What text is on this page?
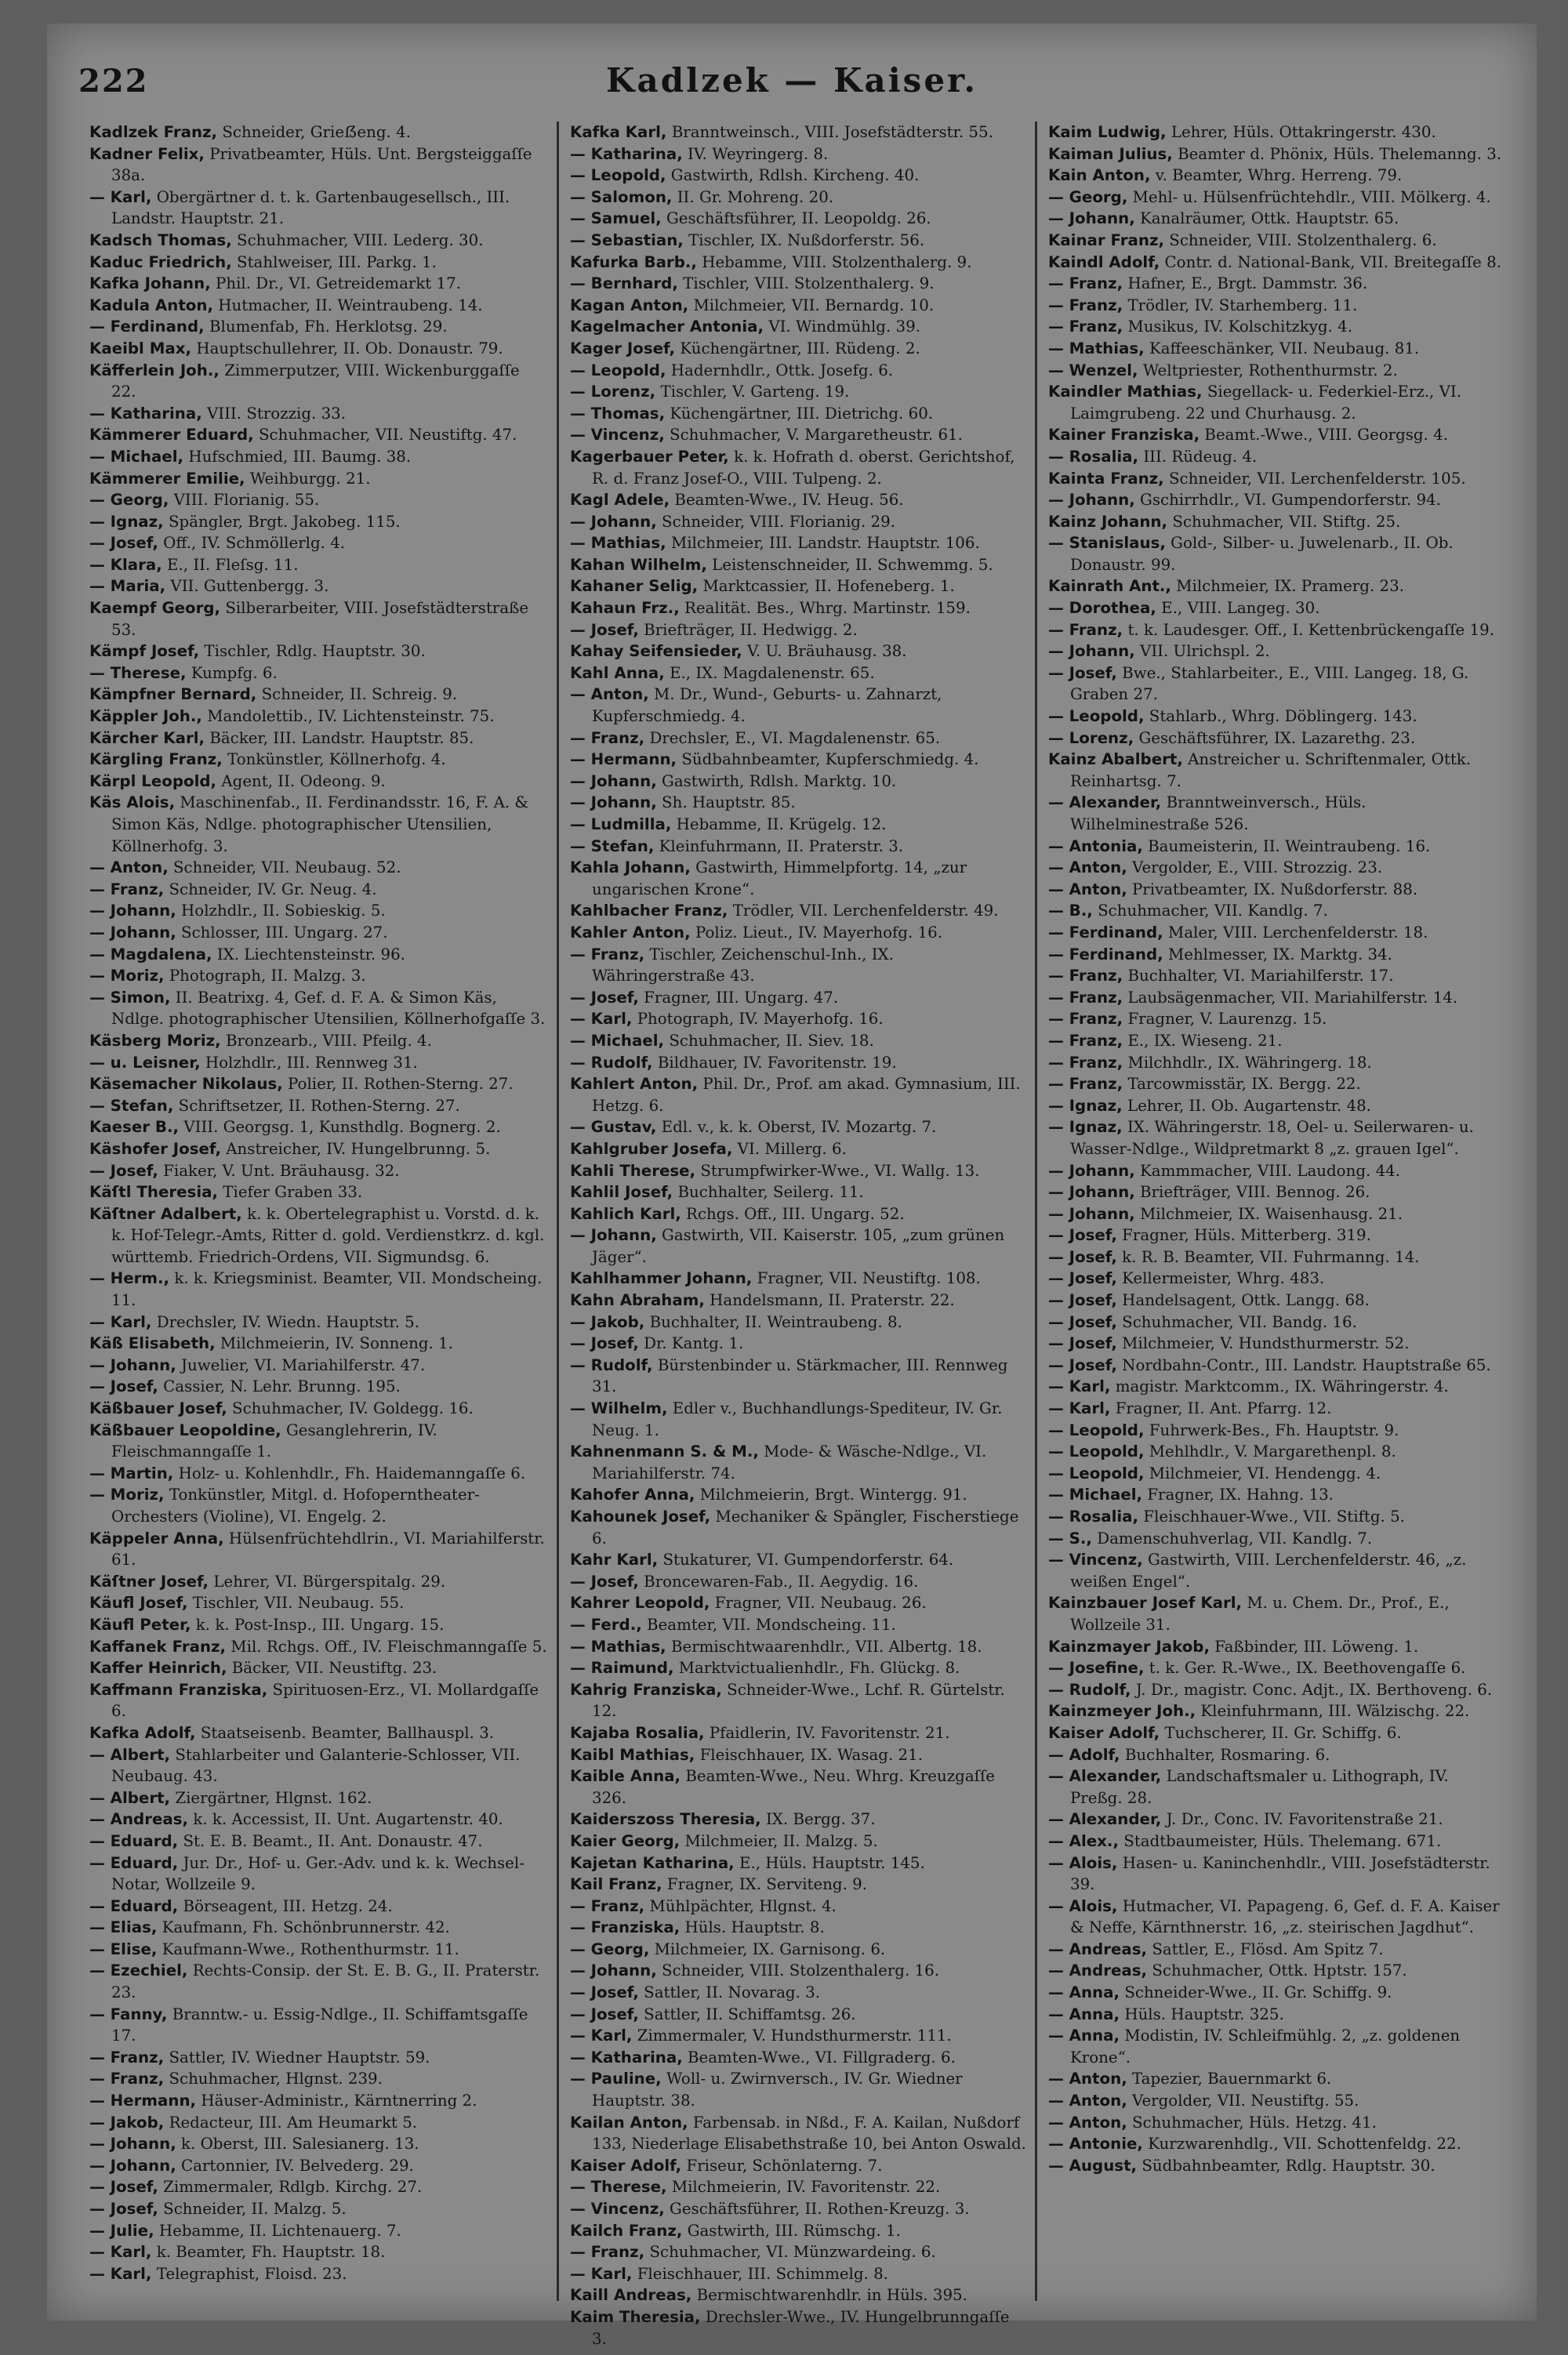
222	Kadlzek — Kaiser.

Kadlzek Franz, Schneider, Grieẞeng. 4.

Kadner Felix, Privatbeamter, Hüls. Unt. Bergsteiggaſſe 38a.

— Karl, Obergärtner d. t. k. Gartenbaugesellsch., III. Landstr. Hauptstr. 21.

Kadsch Thomas, Schuhmacher, VIII. Lederg. 30.

Kaduc Friedrich, Stahlweiser, III. Parkg. 1.

Kafka Johann, Phil. Dr., VI. Getreidemarkt 17.

Kadula Anton, Hutmacher, II. Weintraubeng. 14.

— Ferdinand, Blumenfab, Fh. Herklotsg. 29.

Kaeibl Max, Hauptschullehrer, II. Ob. Donaustr. 79.

Käfferlein Joh., Zimmerputzer, VIII. Wickenburggaſſe 22.

— Katharina, VIII. Strozzig. 33.

Kämmerer Eduard, Schuhmacher, VII. Neustiftg. 47.

— Michael, Hufschmied, III. Baumg. 38.

Kämmerer Emilie, Weihburgg. 21.

— Georg, VIII. Florianig. 55.

— Ignaz, Spängler, Brgt. Jakobeg. 115.

— Josef, Off., IV. Schmöllerlg. 4.

— Klara, E., II. Fleſsg. 11.

— Maria, VII. Guttenbergg. 3.

Kaempf Georg, Silberarbeiter, VIII. Josefstädterstraße 53.

Kämpf Josef, Tischler, Rdlg. Hauptstr. 30.

— Therese, Kumpfg. 6.

Kämpfner Bernard, Schneider, II. Schreig. 9.

Käppler Joh., Mandolettib., IV. Lichtensteinstr. 75.

Kärcher Karl, Bäcker, III. Landstr. Hauptstr. 85.

Kärgling Franz, Tonkünstler, Köllnerhofg. 4.

Kärpl Leopold, Agent, II. Odeong. 9.

Käs Alois, Maschinenfab., II. Ferdinandsstr. 16, F. A. & Simon Käs, Ndlge. photographischer Utensilien, Köllnerhofg. 3.

— Anton, Schneider, VII. Neubaug. 52.

— Franz, Schneider, IV. Gr. Neug. 4.

— Johann, Holzhdlr., II. Sobieskig. 5.

— Johann, Schlosser, III. Ungarg. 27.

— Magdalena, IX. Liechtensteinstr. 96.

— Moriz, Photograph, II. Malzg. 3.

— Simon, II. Beatrixg. 4, Gef. d. F. A. & Simon Käs, Ndlge. photographischer Utensilien, Köllnerhofgaſſe 3.

Käsberg Moriz, Bronzearb., VIII. Pfeilg. 4.

— u. Leisner, Holzhdlr., III. Rennweg 31.

Käsemacher Nikolaus, Polier, II. Rothen-Sterng. 27.

— Stefan, Schriftsetzer, II. Rothen-Sterng. 27.

Kaeser B., VIII. Georgsg. 1, Kunsthdlg. Bognerg. 2.

Käshofer Josef, Anstreicher, IV. Hungelbrunng. 5.

— Josef, Fiaker, V. Unt. Bräuhausg. 32.

Käſtl Theresia, Tiefer Graben 33.

Käſtner Adalbert, k. k. Obertelegraphist u. Vorstd. d. k. k. Hof-Telegr.-Amts, Ritter d. gold. Verdienstkrz. d. kgl. württemb. Friedrich-Ordens, VII. Sigmundsg. 6.

— Herm., k. k. Kriegsminist. Beamter, VII. Mondscheing. 11.

— Karl, Drechsler, IV. Wiedn. Hauptstr. 5.

Käß Elisabeth, Milchmeierin, IV. Sonneng. 1.

— Johann, Juwelier, VI. Mariahilferstr. 47.

— Josef, Cassier, N. Lehr. Brunng. 195.

Käßbauer Josef, Schuhmacher, IV. Goldegg. 16.

Käßbauer Leopoldine, Gesanglehrerin, IV. Fleischmanngaſſe 1.

— Martin, Holz- u. Kohlenhdlr., Fh. Haidemanngaſſe 6.

— Moriz, Tonkünstler, Mitgl. d. Hofoperntheater-Orchesters (Violine), VI. Engelg. 2.

Käppeler Anna, Hülsenfrüchtehdlrin., VI. Mariahilferstr. 61.

Käſtner Josef, Lehrer, VI. Bürgerspitalg. 29.

Käufl Josef, Tischler, VII. Neubaug. 55.

Käufl Peter, k. k. Post-Insp., III. Ungarg. 15.

Kaffanek Franz, Mil. Rchgs. Off., IV. Fleischmanngaſſe 5.

Kaffer Heinrich, Bäcker, VII. Neustiftg. 23.

Kaffmann Franziska, Spirituosen-Erz., VI. Mollardgaſſe 6.

Kafka Adolf, Staatseisenb. Beamter, Ballhauspl. 3.

— Albert, Stahlarbeiter und Galanterie-Schlosser, VII. Neubaug. 43.

— Albert, Ziergärtner, Hlgnst. 162.

— Andreas, k. k. Accessist, II. Unt. Augartenstr. 40.

— Eduard, St. E. B. Beamt., II. Ant. Donaustr. 47.

— Eduard, Jur. Dr., Hof- u. Ger.-Adv. und k. k. Wechsel-Notar, Wollzeile 9.

— Eduard, Börseagent, III. Hetzg. 24.

— Elias, Kaufmann, Fh. Schönbrunnerstr. 42.

— Elise, Kaufmann-Wwe., Rothenthurmstr. 11.

— Ezechiel, Rechts-Consip. der St. E. B. G., II. Praterstr. 23.

— Fanny, Branntw.- u. Essig-Ndlge., II. Schiffamtsgaſſe 17.

— Franz, Sattler, IV. Wiedner Hauptstr. 59.

— Franz, Schuhmacher, Hlgnst. 239.

— Hermann, Häuser-Administr., Kärntnerring 2.

— Jakob, Redacteur, III. Am Heumarkt 5.

— Johann, k. Oberst, III. Salesianerg. 13.

— Johann, Cartonnier, IV. Belvederg. 29.

— Josef, Zimmermaler, Rdlgb. Kirchg. 27.

— Josef, Schneider, II. Malzg. 5.

— Julie, Hebamme, II. Lichtenauerg. 7.

— Karl, k. Beamter, Fh. Hauptstr. 18.

— Karl, Telegraphist, Floisd. 23.

Kafka Karl, Branntweinsch., VIII. Josefstädterstr. 55.

— Katharina, IV. Weyringerg. 8.

— Leopold, Gastwirth, Rdlsh. Kircheng. 40.

— Salomon, II. Gr. Mohreng. 20.

— Samuel, Geschäftsführer, II. Leopoldg. 26.

— Sebastian, Tischler, IX. Nußdorferstr. 56.

Kafurka Barb., Hebamme, VIII. Stolzenthalerg. 9.

— Bernhard, Tischler, VIII. Stolzenthalerg. 9.

Kagan Anton, Milchmeier, VII. Bernardg. 10.

Kagelmacher Antonia, VI. Windmühlg. 39.

Kager Josef, Küchengärtner, III. Rüdeng. 2.

— Leopold, Hadernhdlr., Ottk. Josefg. 6.

— Lorenz, Tischler, V. Garteng. 19.

— Thomas, Küchengärtner, III. Dietrichg. 60.

— Vincenz, Schuhmacher, V. Margaretheustr. 61.

Kagerbauer Peter, k. k. Hofrath d. oberst. Gerichtshof, R. d. Franz Josef-O., VIII. Tulpeng. 2.

Kagl Adele, Beamten-Wwe., IV. Heug. 56.

— Johann, Schneider, VIII. Florianig. 29.

— Mathias, Milchmeier, III. Landstr. Hauptstr. 106.

Kahan Wilhelm, Leistenschneider, II. Schwemmg. 5.

Kahaner Selig, Marktcassier, II. Hofeneberg. 1.

Kahaun Frz., Realität. Bes., Whrg. Martinstr. 159.

— Josef, Briefträger, II. Hedwigg. 2.

Kahay Seifensieder, V. U. Bräuhausg. 38.

Kahl Anna, E., IX. Magdalenenstr. 65.

— Anton, M. Dr., Wund-, Geburts- u. Zahnarzt, Kupferschmiedg. 4.

— Franz, Drechsler, E., VI. Magdalenenstr. 65.

— Hermann, Südbahnbeamter, Kupferschmiedg. 4.

— Johann, Gastwirth, Rdlsh. Marktg. 10.

— Johann, Sh. Hauptstr. 85.

— Ludmilla, Hebamme, II. Krügelg. 12.

— Stefan, Kleinfuhrmann, II. Praterstr. 3.

Kahla Johann, Gastwirth, Himmelpfortg. 14, „zur ungarischen Krone“.

Kahlbacher Franz, Trödler, VII. Lerchenfelderstr. 49.

Kahler Anton, Poliz. Lieut., IV. Mayerhofg. 16.

— Franz, Tischler, Zeichenschul-Inh., IX. Währingerstraße 43.

— Josef, Fragner, III. Ungarg. 47.

— Karl, Photograph, IV. Mayerhofg. 16.

— Michael, Schuhmacher, II. Siev. 18.

— Rudolf, Bildhauer, IV. Favoritenstr. 19.

Kahlert Anton, Phil. Dr., Prof. am akad. Gymnasium, III. Hetzg. 6.

— Gustav, Edl. v., k. k. Oberst, IV. Mozartg. 7.

Kahlgruber Josefa, VI. Millerg. 6.

Kahli Therese, Strumpfwirker-Wwe., VI. Wallg. 13.

Kahlil Josef, Buchhalter, Seilerg. 11.

Kahlich Karl, Rchgs. Off., III. Ungarg. 52.

— Johann, Gastwirth, VII. Kaiserstr. 105, „zum grünen Jäger“.

Kahlhammer Johann, Fragner, VII. Neustiftg. 108.

Kahn Abraham, Handelsmann, II. Praterstr. 22.

— Jakob, Buchhalter, II. Weintraubeng. 8.

— Josef, Dr. Kantg. 1.

— Rudolf, Bürstenbinder u. Stärkmacher, III. Rennweg 31.

— Wilhelm, Edler v., Buchhandlungs-Spediteur, IV. Gr. Neug. 1.

Kahnenmann S. & M., Mode- & Wäsche-Ndlge., VI. Mariahilferstr. 74.

Kahofer Anna, Milchmeierin, Brgt. Wintergg. 91.

Kahounek Josef, Mechaniker & Spängler, Fischerstiege 6.

Kahr Karl, Stukaturer, VI. Gumpendorferstr. 64.

— Josef, Broncewaren-Fab., II. Aegydig. 16.

Kahrer Leopold, Fragner, VII. Neubaug. 26.

— Ferd., Beamter, VII. Mondscheing. 11.

— Mathias, Bermischtwaarenhdlr., VII. Albertg. 18.

— Raimund, Marktvictualienhdlr., Fh. Glückg. 8.

Kahrig Franziska, Schneider-Wwe., Lchf. R. Gürtelstr. 12.

Kajaba Rosalia, Pfaidlerin, IV. Favoritenstr. 21.

Kaibl Mathias, Fleischhauer, IX. Wasag. 21.

Kaible Anna, Beamten-Wwe., Neu. Whrg. Kreuzgaſſe 326.

Kaiderszoss Theresia, IX. Bergg. 37.

Kaier Georg, Milchmeier, II. Malzg. 5.

Kajetan Katharina, E., Hüls. Hauptstr. 145.

Kail Franz, Fragner, IX. Serviteng. 9.

— Franz, Mühlpächter, Hlgnst. 4.

— Franziska, Hüls. Hauptstr. 8.

— Georg, Milchmeier, IX. Garnisong. 6.

— Johann, Schneider, VIII. Stolzenthalerg. 16.

— Josef, Sattler, II. Novarag. 3.

— Josef, Sattler, II. Schiffamtsg. 26.

— Karl, Zimmermaler, V. Hundsthurmerstr. 111.

— Katharina, Beamten-Wwe., VI. Fillgraderg. 6.

— Pauline, Woll- u. Zwirnversch., IV. Gr. Wiedner Hauptstr. 38.

Kailan Anton, Farbensab. in Nßd., F. A. Kailan, Nußdorf 133, Niederlage Elisabethstraße 10, bei Anton Oswald.

Kaiser Adolf, Friseur, Schönlaterng. 7.

— Therese, Milchmeierin, IV. Favoritenstr. 22.

— Vincenz, Geschäftsführer, II. Rothen-Kreuzg. 3.

Kailch Franz, Gastwirth, III. Rümschg. 1.

— Franz, Schuhmacher, VI. Münzwardeing. 6.

— Karl, Fleischhauer, III. Schimmelg. 8.

Kaill Andreas, Bermischtwarenhdlr. in Hüls. 395.

Kaim Theresia, Drechsler-Wwe., IV. Hungelbrunngaſſe 3.

Kaim Ludwig, Lehrer, Hüls. Ottakringerstr. 430.

Kaiman Julius, Beamter d. Phönix, Hüls. Thelemanng. 3.

Kain Anton, v. Beamter, Whrg. Herreng. 79.

— Georg, Mehl- u. Hülsenfrüchtehdlr., VIII. Mölkerg. 4.

— Johann, Kanalräumer, Ottk. Hauptstr. 65.

Kainar Franz, Schneider, VIII. Stolzenthalerg. 6.

Kaindl Adolf, Contr. d. National-Bank, VII. Breitegaſſe 8.

— Franz, Hafner, E., Brgt. Dammstr. 36.

— Franz, Trödler, IV. Starhemberg. 11.

— Franz, Musikus, IV. Kolschitzkyg. 4.

— Mathias, Kaffeeschänker, VII. Neubaug. 81.

— Wenzel, Weltpriester, Rothenthurmstr. 2.

Kaindler Mathias, Siegellack- u. Federkiel-Erz., VI. Laimgrubeng. 22 und Churhausg. 2.

Kainer Franziska, Beamt.-Wwe., VIII. Georgsg. 4.

— Rosalia, III. Rüdeug. 4.

Kainta Franz, Schneider, VII. Lerchenfelderstr. 105.

— Johann, Gschirrhdlr., VI. Gumpendorferstr. 94.

Kainz Johann, Schuhmacher, VII. Stiftg. 25.

— Stanislaus, Gold-, Silber- u. Juwelenarb., II. Ob. Donaustr. 99.

Kainrath Ant., Milchmeier, IX. Pramerg. 23.

— Dorothea, E., VIII. Langeg. 30.

— Franz, t. k. Laudesger. Off., I. Kettenbrückengaſſe 19.

— Johann, VII. Ulrichspl. 2.

— Josef, Bwe., Stahlarbeiter., E., VIII. Langeg. 18, G. Graben 27.

— Leopold, Stahlarb., Whrg. Döblingerg. 143.

— Lorenz, Geschäftsführer, IX. Lazarethg. 23.

Kainz Abalbert, Anstreicher u. Schriftenmaler, Ottk. Reinhartsg. 7.

— Alexander, Branntweinversch., Hüls. Wilhelminestraße 526.

— Antonia, Baumeisterin, II. Weintraubeng. 16.

— Anton, Vergolder, E., VIII. Strozzig. 23.

— Anton, Privatbeamter, IX. Nußdorferstr. 88.

— B., Schuhmacher, VII. Kandlg. 7.

— Ferdinand, Maler, VIII. Lerchenfelderstr. 18.

— Ferdinand, Mehlmesser, IX. Marktg. 34.

— Franz, Buchhalter, VI. Mariahilferstr. 17.

— Franz, Laubsägenmacher, VII. Mariahilferstr. 14.

— Franz, Fragner, V. Laurenzg. 15.

— Franz, E., IX. Wieseng. 21.

— Franz, Milchhdlr., IX. Währingerg. 18.

— Franz, Tarcowmisstär, IX. Bergg. 22.

— Ignaz, Lehrer, II. Ob. Augartenstr. 48.

— Ignaz, IX. Währingerstr. 18, Oel- u. Seilerwaren- u. Wasser-Ndlge., Wildpretmarkt 8 „z. grauen Igel“.

— Johann, Kammmacher, VIII. Laudong. 44.

— Johann, Briefträger, VIII. Bennog. 26.

— Johann, Milchmeier, IX. Waisenhausg. 21.

— Josef, Fragner, Hüls. Mitterberg. 319.

— Josef, k. R. B. Beamter, VII. Fuhrmanng. 14.

— Josef, Kellermeister, Whrg. 483.

— Josef, Handelsagent, Ottk. Langg. 68.

— Josef, Schuhmacher, VII. Bandg. 16.

— Josef, Milchmeier, V. Hundsthurmerstr. 52.

— Josef, Nordbahn-Contr., III. Landstr. Hauptstraße 65.

— Karl, magistr. Marktcomm., IX. Währingerstr. 4.

— Karl, Fragner, II. Ant. Pfarrg. 12.

— Leopold, Fuhrwerk-Bes., Fh. Hauptstr. 9.

— Leopold, Mehlhdlr., V. Margarethenpl. 8.

— Leopold, Milchmeier, VI. Hendengg. 4.

— Michael, Fragner, IX. Hahng. 13.

— Rosalia, Fleischhauer-Wwe., VII. Stiftg. 5.

— S., Damenschuhverlag, VII. Kandlg. 7.

— Vincenz, Gastwirth, VIII. Lerchenfelderstr. 46, „z. weißen Engel“.

Kainzbauer Josef Karl, M. u. Chem. Dr., Prof., E., Wollzeile 31.

Kainzmayer Jakob, Faßbinder, III. Löweng. 1.

— Josefine, t. k. Ger. R.-Wwe., IX. Beethovengaſſe 6.

— Rudolf, J. Dr., magistr. Conc. Adjt., IX. Berthoveng. 6.

Kainzmeyer Joh., Kleinfuhrmann, III. Wälzischg. 22.

Kaiser Adolf, Tuchscherer, II. Gr. Schiffg. 6.

— Adolf, Buchhalter, Rosmaring. 6.

— Alexander, Landschaftsmaler u. Lithograph, IV. Preßg. 28.

— Alexander, J. Dr., Conc. IV. Favoritenstraße 21.

— Alex., Stadtbaumeister, Hüls. Thelemang. 671.

— Alois, Hasen- u. Kaninchenhdlr., VIII. Josefstädterstr. 39.

— Alois, Hutmacher, VI. Papageng. 6, Gef. d. F. A. Kaiser & Neffe, Kärnthnerstr. 16, „z. steirischen Jagdhut“.

— Andreas, Sattler, E., Flösd. Am Spitz 7.

— Andreas, Schuhmacher, Ottk. Hptstr. 157.

— Anna, Schneider-Wwe., II. Gr. Schiffg. 9.

— Anna, Hüls. Hauptstr. 325.

— Anna, Modistin, IV. Schleifmühlg. 2, „z. goldenen Krone“.

— Anton, Tapezier, Bauernmarkt 6.

— Anton, Vergolder, VII. Neustiftg. 55.

— Anton, Schuhmacher, Hüls. Hetzg. 41.

— Antonie, Kurzwarenhdlg., VII. Schottenfeldg. 22.

— August, Südbahnbeamter, Rdlg. Hauptstr. 30.
